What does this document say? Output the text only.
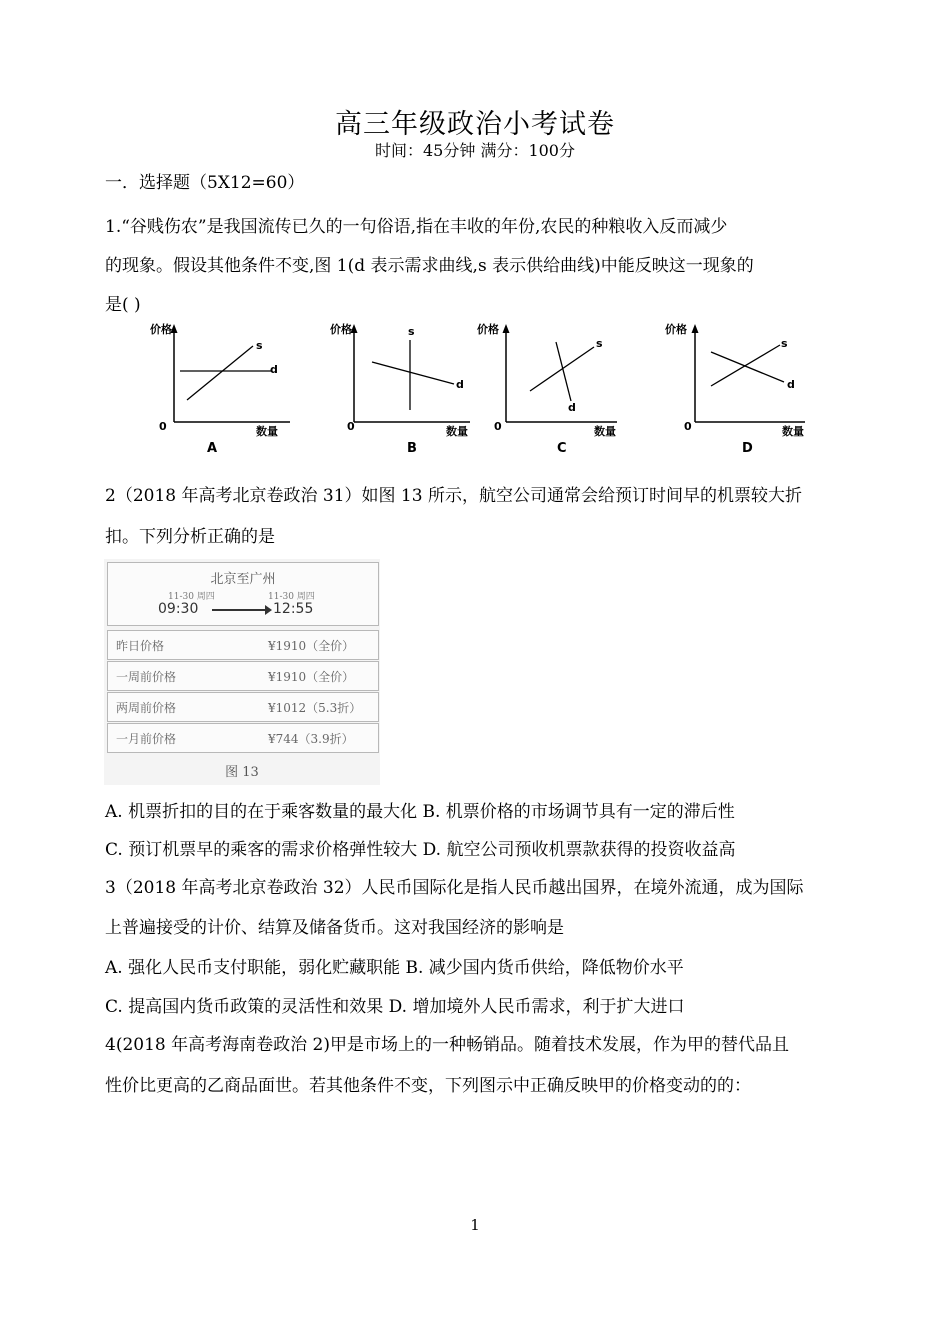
高三年级政治小考试卷
时间：45分钟 满分：100分
一．选择题（5X12=60）
1.“谷贱伤农”是我国流传已久的一句俗语,指在丰收的年份,农民的种粮收入反而减少
的现象。假设其他条件不变,图 1(d 表示需求曲线,s 表示供给曲线)中能反映这一现象的
是( )
价格
数量
0
s
d
A
价格
数量
0
s
d
B
价格
数量
0
s
d
C
价格
数量
0
s
d
D
2（2018 年高考北京卷政治 31）如图 13 所示，航空公司通常会给预订时间早的机票较大折
扣。下列分析正确的是
北京至广州
11-30 周四	11-30 周四
09:30	12:55
昨日价格	¥1910（全价）
一周前价格	¥1910（全价）
两周前价格	¥1012（5.3折）
一月前价格	¥744（3.9折）
图 13
A. 机票折扣的目的在于乘客数量的最大化 B. 机票价格的市场调节具有一定的滞后性
C. 预订机票早的乘客的需求价格弹性较大 D. 航空公司预收机票款获得的投资收益高
3（2018 年高考北京卷政治 32）人民币国际化是指人民币越出国界，在境外流通，成为国际
上普遍接受的计价、结算及储备货币。这对我国经济的影响是
A. 强化人民币支付职能，弱化贮藏职能 B. 减少国内货币供给，降低物价水平
C. 提高国内货币政策的灵活性和效果 D. 增加境外人民币需求，利于扩大进口
4(2018 年高考海南卷政治 2)甲是市场上的一种畅销品。随着技术发展，作为甲的替代品且
性价比更高的乙商品面世。若其他条件不变，下列图示中正确反映甲的价格变动的的：
1
